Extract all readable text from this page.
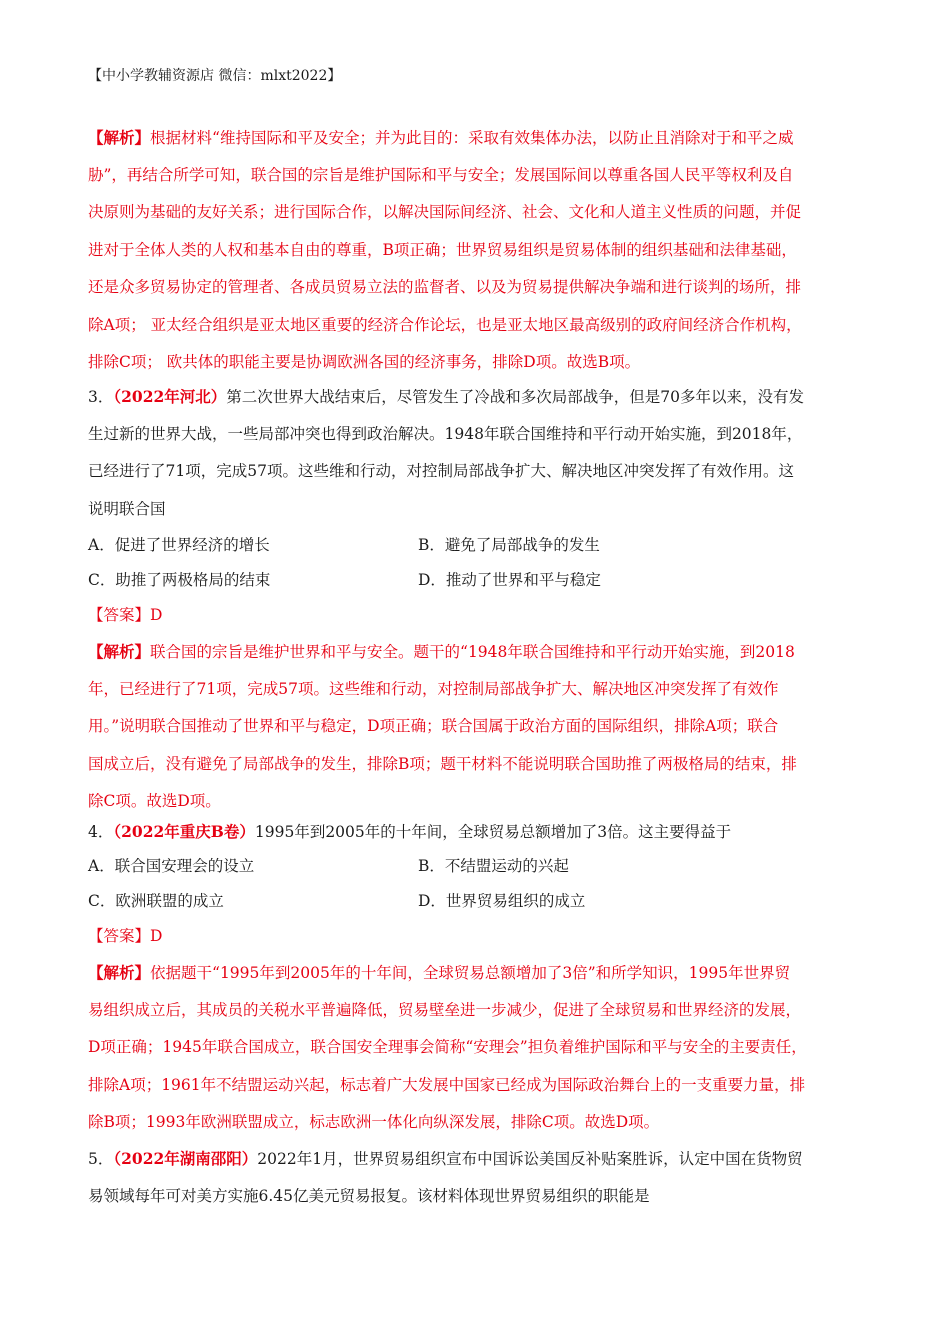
【中小学教辅资源店 微信：mlxt2022】
【解析】根据材料“维持国际和平及安全；并为此目的：采取有效集体办法，以防止且消除对于和平之威
胁”，再结合所学可知，联合国的宗旨是维护国际和平与安全；发展国际间以尊重各国人民平等权利及自
决原则为基础的友好关系；进行国际合作，以解决国际间经济、社会、文化和人道主义性质的问题，并促
进对于全体人类的人权和基本自由的尊重，B项正确；世界贸易组织是贸易体制的组织基础和法律基础，
还是众多贸易协定的管理者、各成员贸易立法的监督者、以及为贸易提供解决争端和进行谈判的场所，排
除A项； 亚太经合组织是亚太地区重要的经济合作论坛，也是亚太地区最高级别的政府间经济合作机构，
排除C项； 欧共体的职能主要是协调欧洲各国的经济事务，排除D项。故选B项。
3．（2022年河北）第二次世界大战结束后，尽管发生了冷战和多次局部战争，但是70多年以来，没有发
生过新的世界大战，一些局部冲突也得到政治解决。1948年联合国维持和平行动开始实施，到2018年，
已经进行了71项，完成57项。这些维和行动，对控制局部战争扩大、解决地区冲突发挥了有效作用。这
说明联合国
A．促进了世界经济的增长	B．避免了局部战争的发生
C．助推了两极格局的结束	D．推动了世界和平与稳定
【答案】D
【解析】联合国的宗旨是维护世界和平与安全。题干的“1948年联合国维持和平行动开始实施，到2018
年，已经进行了71项，完成57项。这些维和行动，对控制局部战争扩大、解决地区冲突发挥了有效作
用。”说明联合国推动了世界和平与稳定，D项正确；联合国属于政治方面的国际组织，排除A项；联合
国成立后，没有避免了局部战争的发生，排除B项；题干材料不能说明联合国助推了两极格局的结束，排
除C项。故选D项。
4．（2022年重庆B卷）1995年到2005年的十年间，全球贸易总额增加了3倍。这主要得益于
A．联合国安理会的设立	B．不结盟运动的兴起
C．欧洲联盟的成立	D．世界贸易组织的成立
【答案】D
【解析】依据题干“1995年到2005年的十年间，全球贸易总额增加了3倍”和所学知识，1995年世界贸
易组织成立后，其成员的关税水平普遍降低，贸易壁垒进一步减少，促进了全球贸易和世界经济的发展，
D项正确；1945年联合国成立，联合国安全理事会简称“安理会”担负着维护国际和平与安全的主要责任，
排除A项；1961年不结盟运动兴起，标志着广大发展中国家已经成为国际政治舞台上的一支重要力量，排
除B项；1993年欧洲联盟成立，标志欧洲一体化向纵深发展，排除C项。故选D项。
5．（2022年湖南邵阳）2022年1月，世界贸易组织宣布中国诉讼美国反补贴案胜诉，认定中国在货物贸
易领域每年可对美方实施6.45亿美元贸易报复。该材料体现世界贸易组织的职能是
